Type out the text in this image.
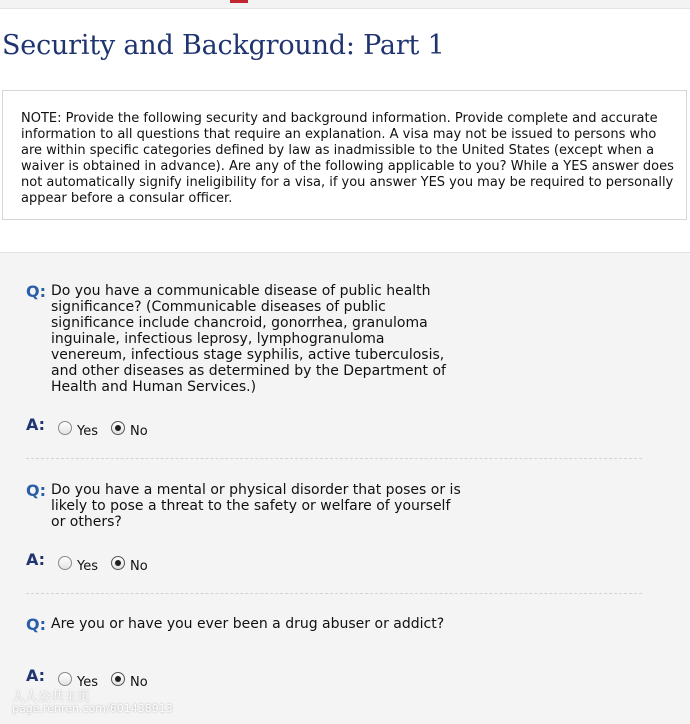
Security and Background: Part 1
NOTE: Provide the following security and background information. Provide complete and accurate information to all questions that require an explanation. A visa may not be issued to persons who are within specific categories defined by law as inadmissible to the United States (except when a waiver is obtained in advance). Are any of the following applicable to you? While a YES answer does not automatically signify ineligibility for a visa, if you answer YES you may be required to personally appear before a consular officer.
Q: Do you have a communicable disease of public health significance? (Communicable diseases of public significance include chancroid, gonorrhea, granuloma inguinale, infectious leprosy, lymphogranuloma venereum, infectious stage syphilis, active tuberculosis, and other diseases as determined by the Department of Health and Human Services.)
A: Yes No
Q: Do you have a mental or physical disorder that poses or is likely to pose a threat to the safety or welfare of yourself or others?
A: Yes No
Q: Are you or have you ever been a drug abuser or addict?
A: Yes No
人人公共主页
page.renren.com/601438913
